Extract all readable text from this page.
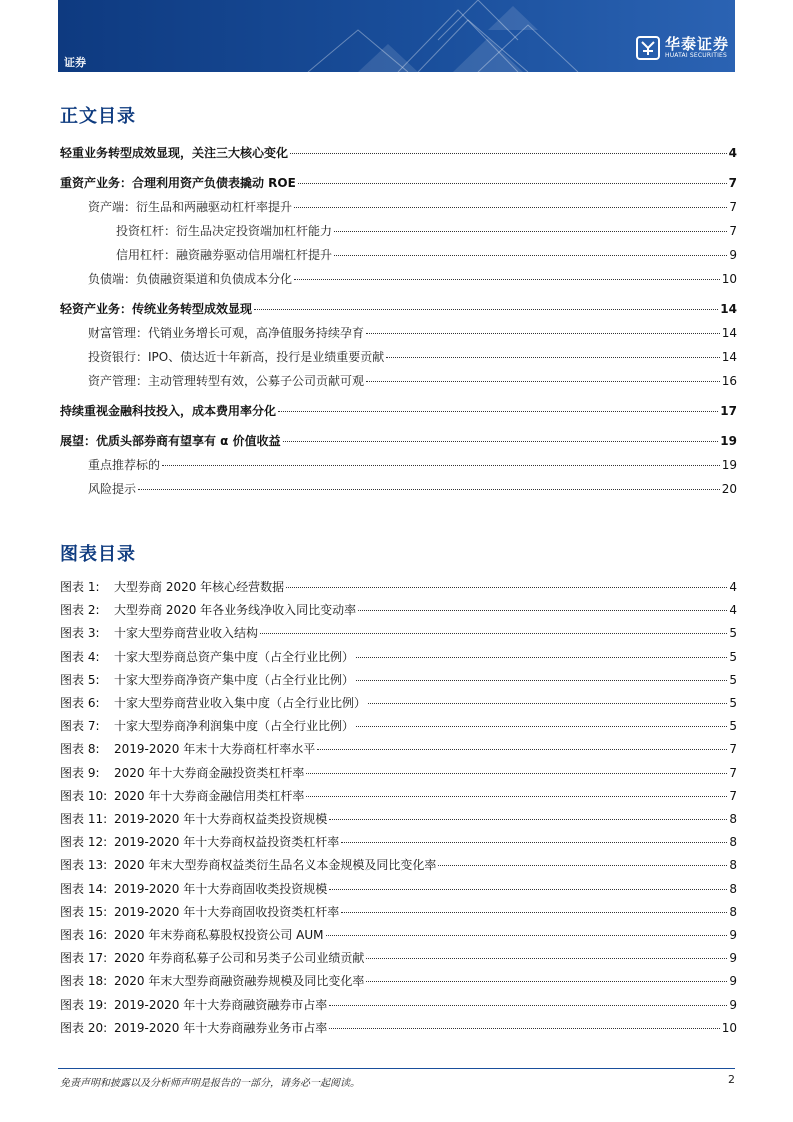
证券
华泰证券
HUATAI SECURITIES
正文目录
轻重业务转型成效显现，关注三大核心变化	4
重资产业务：合理利用资产负债表撬动 ROE	7
资产端：衍生品和两融驱动杠杆率提升	7
投资杠杆：衍生品决定投资端加杠杆能力	7
信用杠杆：融资融券驱动信用端杠杆提升	9
负债端：负债融资渠道和负债成本分化	10
轻资产业务：传统业务转型成效显现	14
财富管理：代销业务增长可观，高净值服务持续孕育	14
投资银行：IPO、债达近十年新高，投行是业绩重要贡献	14
资产管理：主动管理转型有效，公募子公司贡献可观	16
持续重视金融科技投入，成本费用率分化	17
展望：优质头部券商有望享有 α 价值收益	19
重点推荐标的	19
风险提示	20
图表目录
图表 1:	大型券商 2020 年核心经营数据	4
图表 2:	大型券商 2020 年各业务线净收入同比变动率	4
图表 3:	十家大型券商营业收入结构	5
图表 4:	十家大型券商总资产集中度（占全行业比例）	5
图表 5:	十家大型券商净资产集中度（占全行业比例）	5
图表 6:	十家大型券商营业收入集中度（占全行业比例）	5
图表 7:	十家大型券商净利润集中度（占全行业比例）	5
图表 8:	2019-2020 年末十大券商杠杆率水平	7
图表 9:	2020 年十大券商金融投资类杠杆率	7
图表 10: 2020 年十大券商金融信用类杠杆率	7
图表 11: 2019-2020 年十大券商权益类投资规模	8
图表 12: 2019-2020 年十大券商权益投资类杠杆率	8
图表 13: 2020 年末大型券商权益类衍生品名义本金规模及同比变化率	8
图表 14: 2019-2020 年十大券商固收类投资规模	8
图表 15: 2019-2020 年十大券商固收投资类杠杆率	8
图表 16: 2020 年末券商私募股权投资公司 AUM	9
图表 17: 2020 年券商私募子公司和另类子公司业绩贡献	9
图表 18: 2020 年末大型券商融资融券规模及同比变化率	9
图表 19: 2019-2020 年十大券商融资融券市占率	9
图表 20: 2019-2020 年十大券商融券业务市占率	10
免责声明和披露以及分析师声明是报告的一部分，请务必一起阅读。	2
